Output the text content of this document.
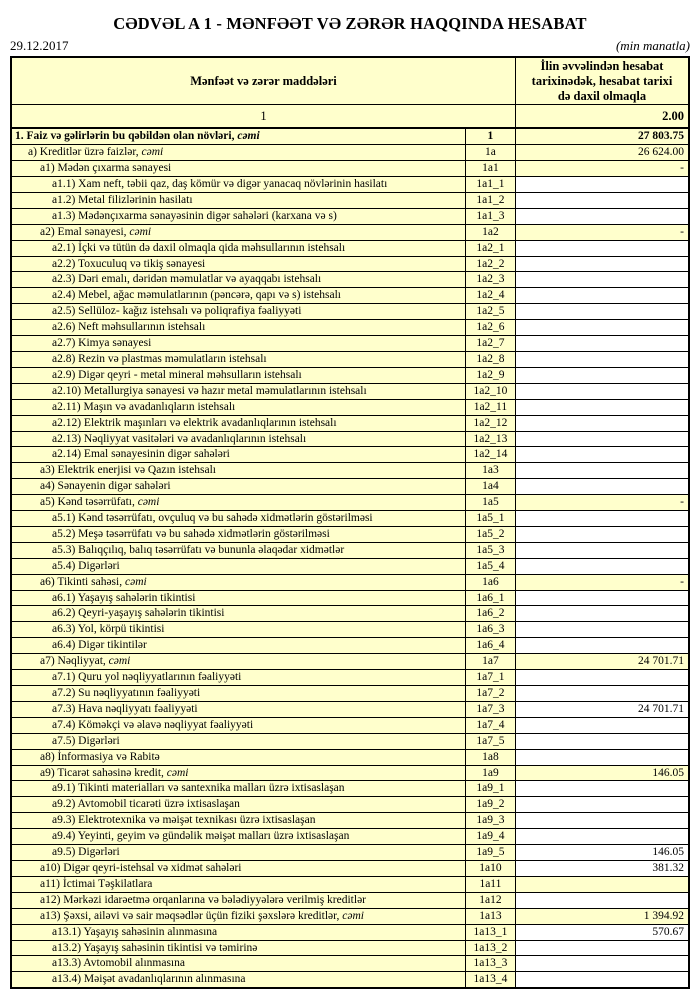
CƏDVƏL A 1 - MƏNFƏƏT VƏ ZƏRƏR HAQQINDA HESABAT
29.12.2017	(min manatla)
Mənfəət və zərər maddələri		İlin əvvəlindən hesabat tarixinədək, hesabat tarixi də daxil olmaqla
1		2.00
1. Faiz və gəlirlərin bu qəbildən olan növləri, cəmi	1	27 803.75
a) Kreditlər üzrə faizlər, cəmi	1a	26 624.00
a1) Mədən çıxarma sənayesi	1a1	-
a1.1) Xam neft, təbii qaz, daş kömür və digər yanacaq növlərinin hasilatı	1a1_1	
a1.2) Metal filizlərinin hasilatı	1a1_2	
a1.3) Mədənçıxarma sənayəsinin digər sahələri (karxana və s)	1a1_3	
a2) Emal sənayesi, cəmi	1a2	-
a2.1) İçki və tütün də daxil olmaqla qida məhsullarının istehsalı	1a2_1	
a2.2) Toxuculuq və tikiş sənayesi	1a2_2	
a2.3) Dəri emalı, dəridən məmulatlar və ayaqqabı istehsalı	1a2_3	
a2.4) Mebel, ağac məmulatlarının (pəncərə, qapı və s) istehsalı	1a2_4	
a2.5) Sellüloz- kağız istehsalı və poliqrafiya fəaliyyəti	1a2_5	
a2.6) Neft məhsullarının istehsalı	1a2_6	
a2.7) Kimya sənayesi	1a2_7	
a2.8) Rezin və plastmas məmulatların istehsalı	1a2_8	
a2.9) Digər qeyri - metal mineral məhsulların istehsalı	1a2_9	
a2.10) Metallurgiya sənayesi və hazır metal məmulatlarının istehsalı	1a2_10	
a2.11) Maşın və avadanlıqların istehsalı	1a2_11	
a2.12) Elektrik maşınları və elektrik avadanlıqlarının istehsalı	1a2_12	
a2.13) Nəqliyyat vasitələri və avadanlıqlarının istehsalı	1a2_13	
a2.14) Emal sənayesinin digər sahələri	1a2_14	
a3) Elektrik enerjisi və Qazın istehsalı	1a3	
a4) Sənayenin digər sahələri	1a4	
a5) Kənd təsərrüfatı, cəmi	1a5	-
a5.1) Kənd təsərrüfatı, ovçuluq və bu sahədə xidmətlərin göstərilməsi	1a5_1	
a5.2) Meşə təsərrüfatı və bu sahədə xidmətlərin göstərilməsi	1a5_2	
a5.3) Balıqçılıq, balıq təsərrüfatı və bununla əlaqədar xidmətlər	1a5_3	
a5.4) Digərləri	1a5_4	
a6) Tikinti sahəsi, cəmi	1a6	-
a6.1) Yaşayış sahələrin tikintisi	1a6_1	
a6.2) Qeyri-yaşayış sahələrin tikintisi	1a6_2	
a6.3) Yol, körpü tikintisi	1a6_3	
a6.4) Digər tikintilər	1a6_4	
a7) Nəqliyyat, cəmi	1a7	24 701.71
a7.1) Quru yol nəqliyyatlarının fəaliyyəti	1a7_1	
a7.2) Su nəqliyyatının fəaliyyəti	1a7_2	
a7.3) Hava nəqliyyatı fəaliyyəti	1a7_3	24 701.71
a7.4) Köməkçi və əlavə nəqliyyat fəaliyyəti	1a7_4	
a7.5) Digərləri	1a7_5	
a8) İnformasiya və Rabitə	1a8	
a9) Ticarət sahəsinə kredit, cəmi	1a9	146.05
a9.1) Tikinti materialları və santexnika malları üzrə ixtisaslaşan	1a9_1	
a9.2) Avtomobil ticarəti üzrə ixtisaslaşan	1a9_2	
a9.3) Elektrotexnika və məişət texnikası üzrə ixtisaslaşan	1a9_3	
a9.4) Yeyinti, geyim və gündəlik məişət malları üzrə ixtisaslaşan	1a9_4	
a9.5) Digərləri	1a9_5	146.05
a10) Digər qeyri-istehsal və xidmət sahələri	1a10	381.32
a11) İctimai Təşkilatlara	1a11	
a12) Mərkəzi idarəetmə orqanlarına və bələdiyyələrə verilmiş kreditlər	1a12	
a13) Şəxsi, ailəvi və sair məqsədlər üçün fiziki şəxslərə kreditlər, cəmi	1a13	1 394.92
a13.1) Yaşayış sahəsinin alınmasına	1a13_1	570.67
a13.2) Yaşayış sahəsinin tikintisi və təmirinə	1a13_2	
a13.3) Avtomobil alınmasına	1a13_3	
a13.4) Məişət avadanlıqlarının alınmasına	1a13_4	
